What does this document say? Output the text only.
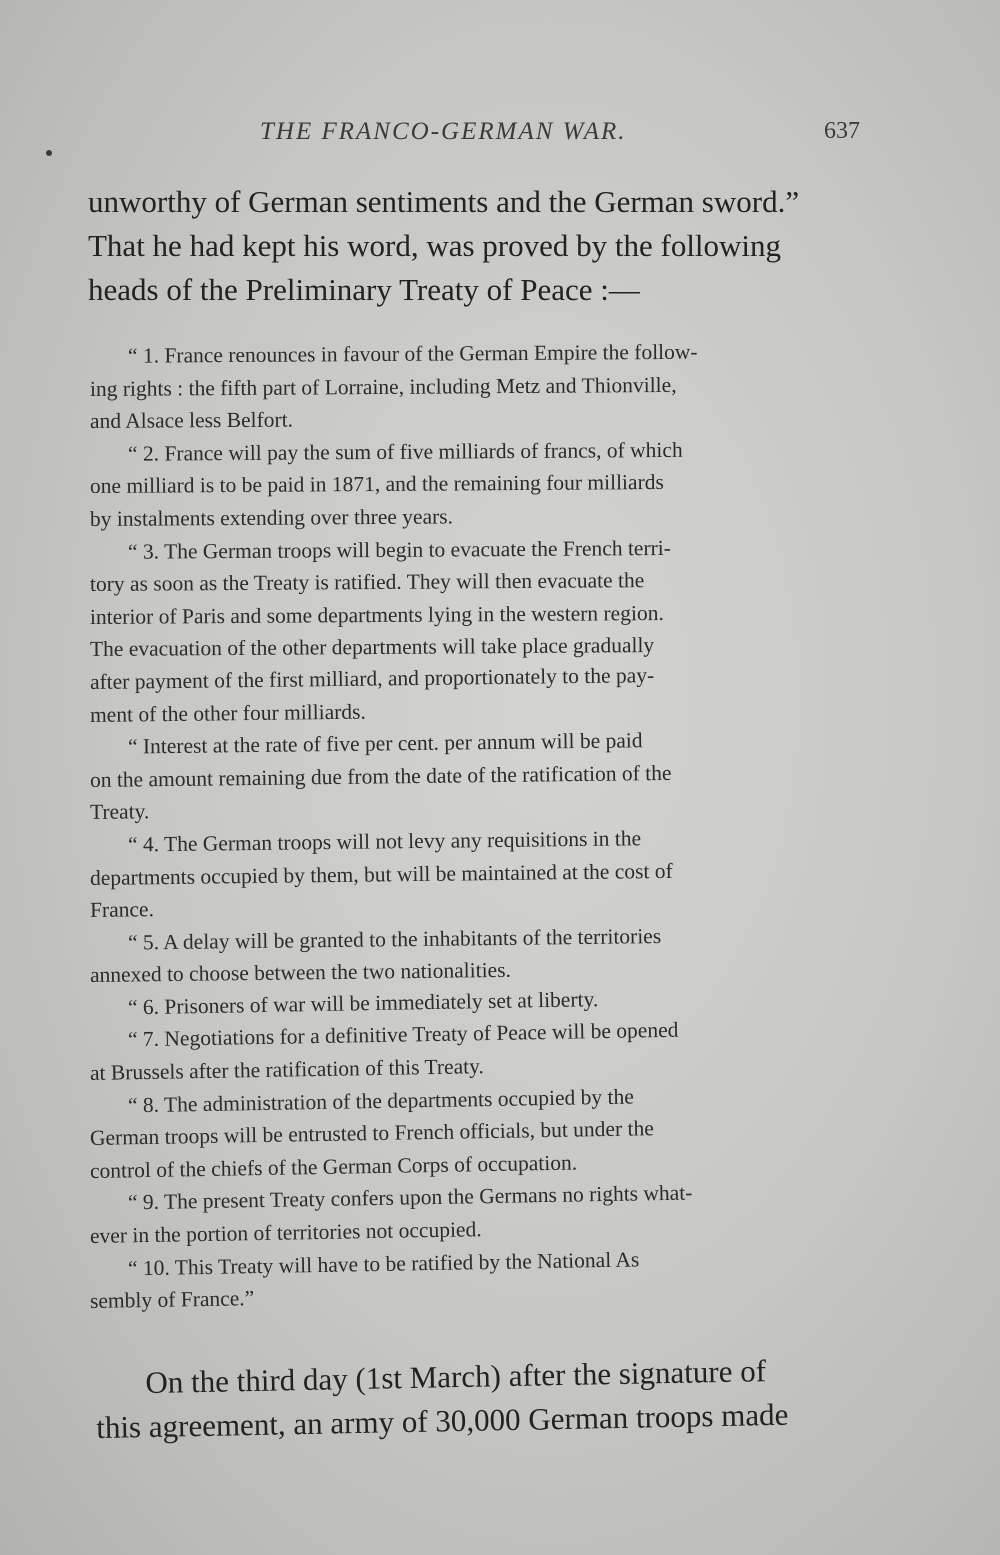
THE FRANCO-GERMAN WAR.	637

unworthy of German sentiments and the German sword.”

That he had kept his word, was proved by the following

heads of the Preliminary Treaty of Peace :—

“ 1. France renounces in favour of the German Empire the follow-

ing rights : the fifth part of Lorraine, including Metz and Thionville,

and Alsace less Belfort.

“ 2. France will pay the sum of five milliards of francs, of which

one milliard is to be paid in 1871, and the remaining four milliards

by instalments extending over three years.

“ 3. The German troops will begin to evacuate the French terri-

tory as soon as the Treaty is ratified. They will then evacuate the

interior of Paris and some departments lying in the western region.

The evacuation of the other departments will take place gradually

after payment of the first milliard, and proportionately to the pay-

ment of the other four milliards.

“ Interest at the rate of five per cent. per annum will be paid

on the amount remaining due from the date of the ratification of the

Treaty.

“ 4. The German troops will not levy any requisitions in the

departments occupied by them, but will be maintained at the cost of

France.

“ 5. A delay will be granted to the inhabitants of the territories

annexed to choose between the two nationalities.

“ 6. Prisoners of war will be immediately set at liberty.

“ 7. Negotiations for a definitive Treaty of Peace will be opened

at Brussels after the ratification of this Treaty.

“ 8. The administration of the departments occupied by the

German troops will be entrusted to French officials, but under the

control of the chiefs of the German Corps of occupation.

“ 9. The present Treaty confers upon the Germans no rights what-

ever in the portion of territories not occupied.

“ 10. This Treaty will have to be ratified by the National As

sembly of France.”

On the third day (1st March) after the signature of

this agreement, an army of 30,000 German troops made
